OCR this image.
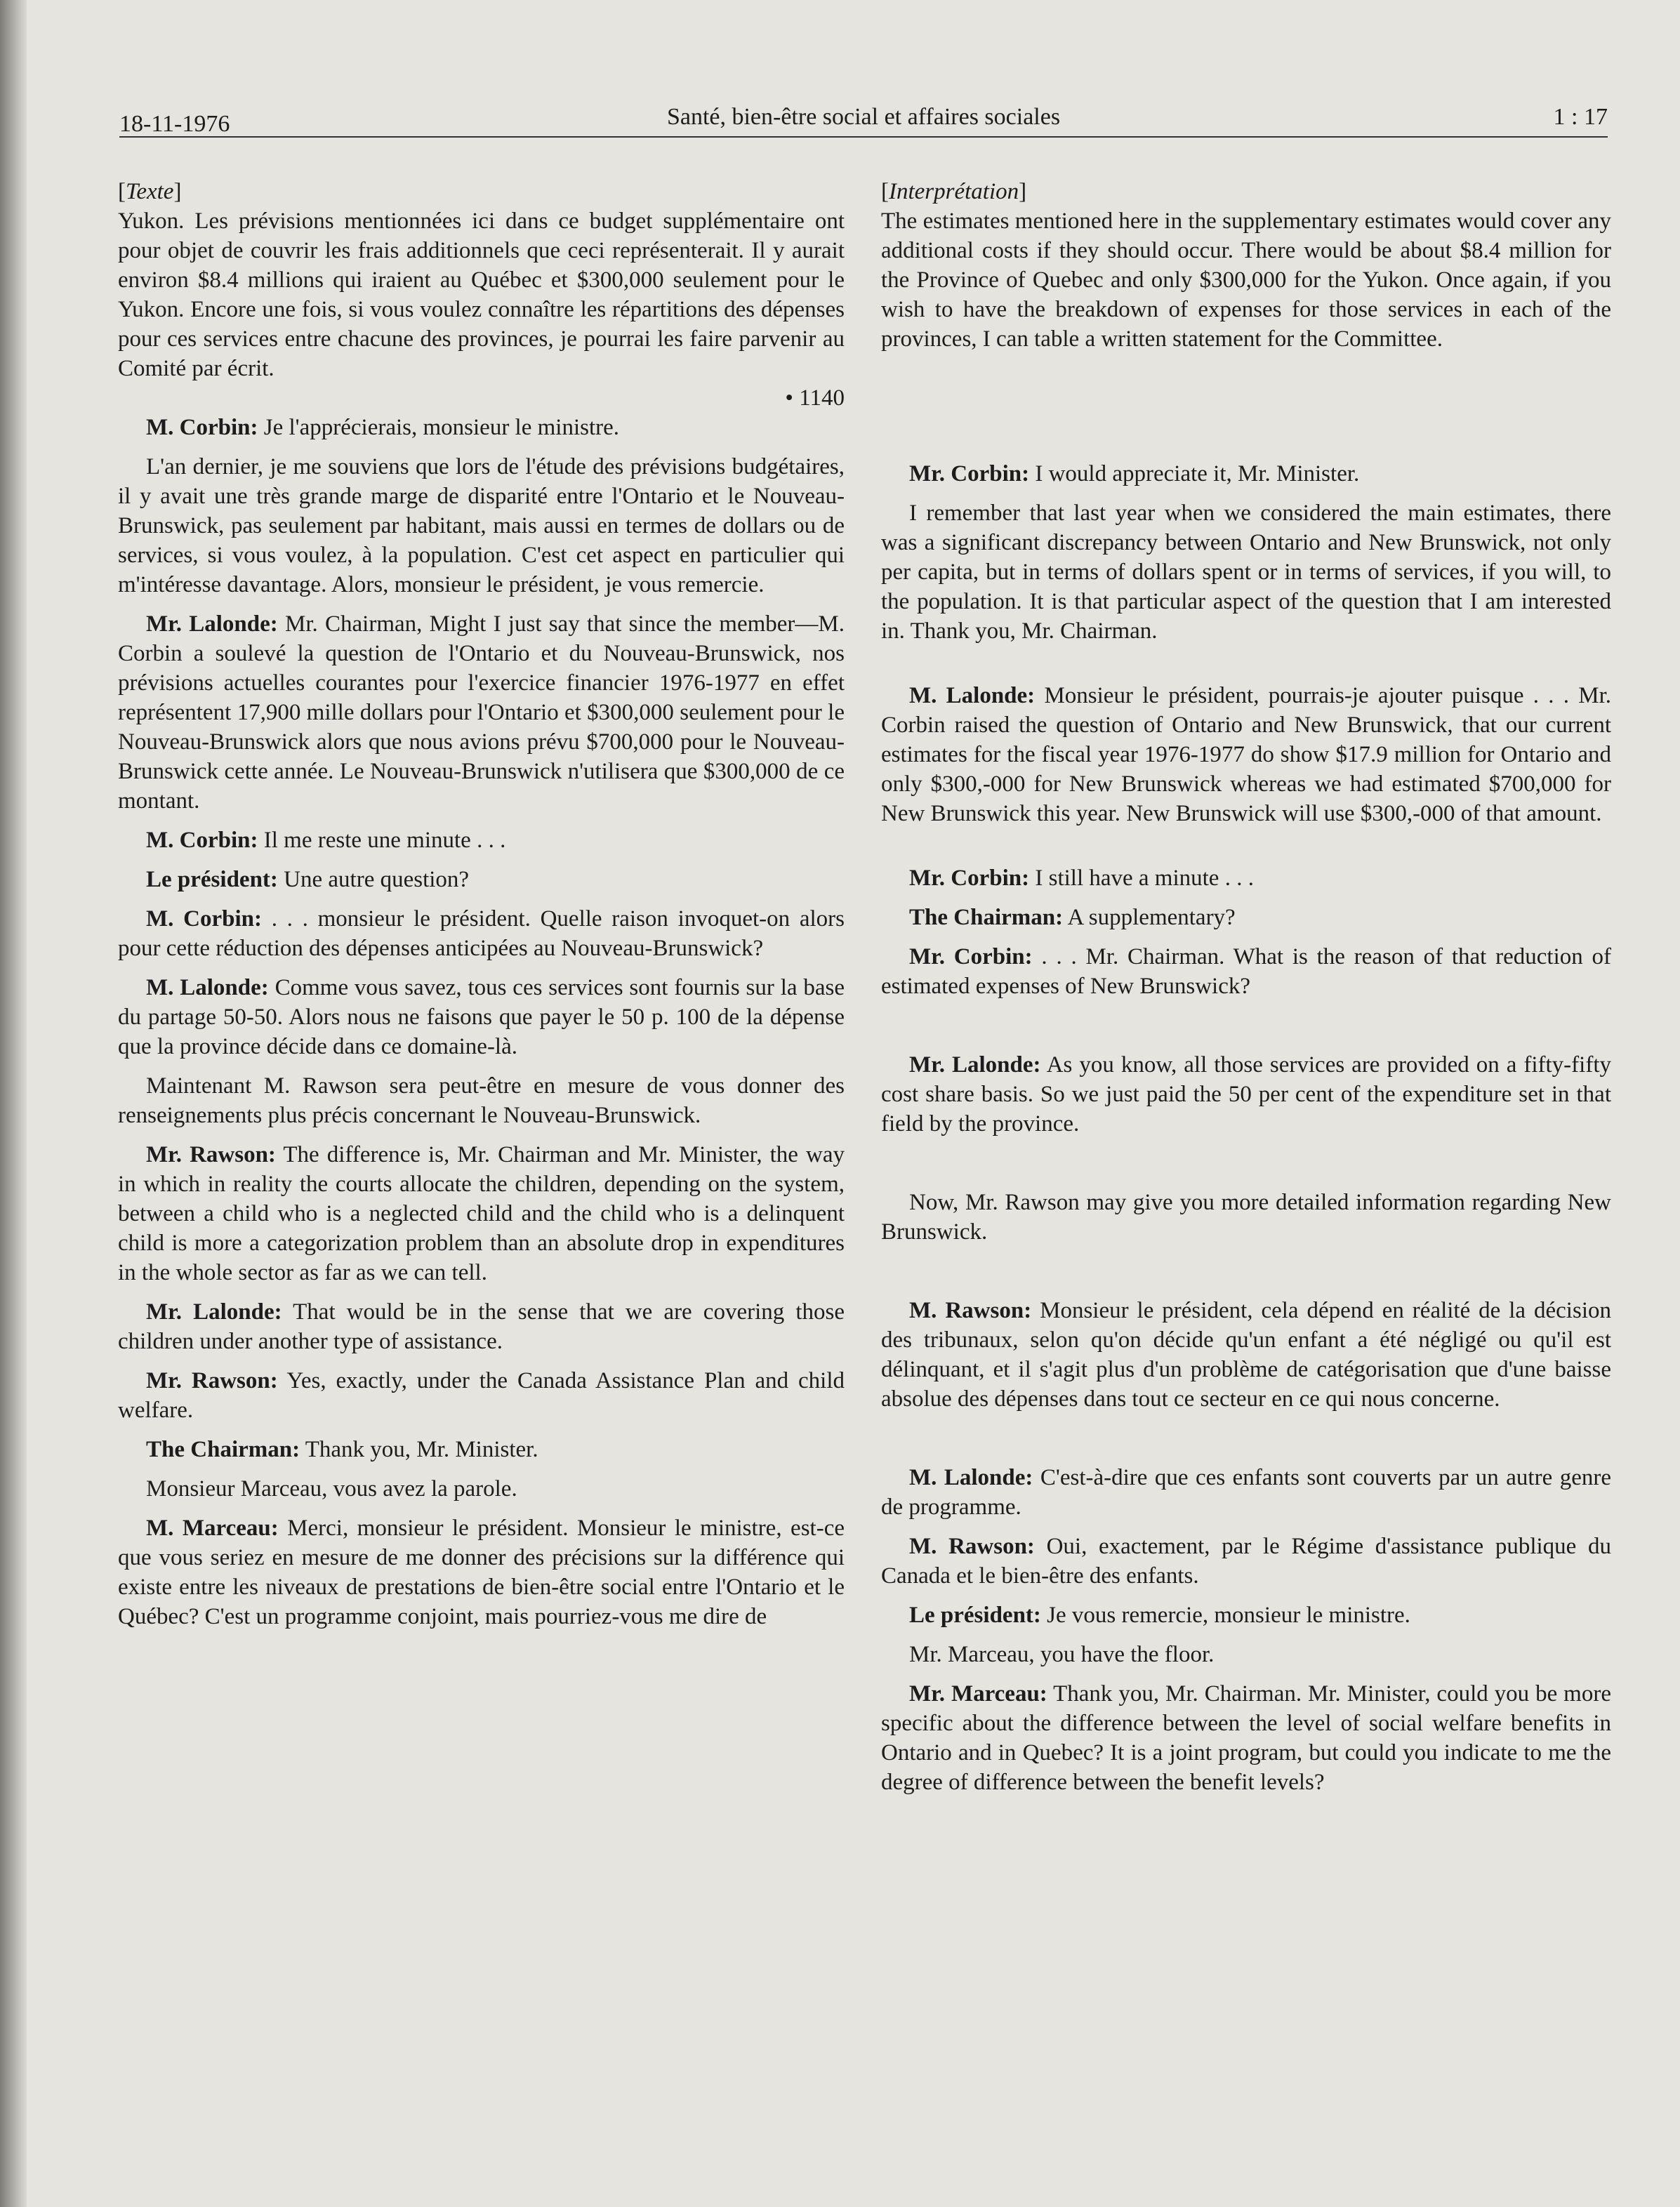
18-11-1976	Santé, bien-être social et affaires sociales	1 : 17

[Texte]

Yukon. Les prévisions mentionnées ici dans ce budget supplémentaire ont pour objet de couvrir les frais additionnels que ceci représenterait. Il y aurait environ $8.4 millions qui iraient au Québec et $300,000 seulement pour le Yukon. Encore une fois, si vous voulez connaître les répartitions des dépenses pour ces services entre chacune des provinces, je pourrai les faire parvenir au Comité par écrit.

• 1140

M. Corbin: Je l'apprécierais, monsieur le ministre.

L'an dernier, je me souviens que lors de l'étude des prévisions budgétaires, il y avait une très grande marge de disparité entre l'Ontario et le Nouveau-Brunswick, pas seulement par habitant, mais aussi en termes de dollars ou de services, si vous voulez, à la population. C'est cet aspect en particulier qui m'intéresse davantage. Alors, monsieur le président, je vous remercie.

Mr. Lalonde: Mr. Chairman, Might I just say that since the member—M. Corbin a soulevé la question de l'Ontario et du Nouveau-Brunswick, nos prévisions actuelles courantes pour l'exercice financier 1976-1977 en effet représentent 17,900 mille dollars pour l'Ontario et $300,000 seulement pour le Nouveau-Brunswick alors que nous avions prévu $700,000 pour le Nouveau-Brunswick cette année. Le Nouveau-Brunswick n'utilisera que $300,000 de ce montant.

M. Corbin: Il me reste une minute . . .

Le président: Une autre question?

M. Corbin: . . . monsieur le président. Quelle raison invoquet-on alors pour cette réduction des dépenses anticipées au Nouveau-Brunswick?

M. Lalonde: Comme vous savez, tous ces services sont fournis sur la base du partage 50-50. Alors nous ne faisons que payer le 50 p. 100 de la dépense que la province décide dans ce domaine-là.

Maintenant M. Rawson sera peut-être en mesure de vous donner des renseignements plus précis concernant le Nouveau-Brunswick.

Mr. Rawson: The difference is, Mr. Chairman and Mr. Minister, the way in which in reality the courts allocate the children, depending on the system, between a child who is a neglected child and the child who is a delinquent child is more a categorization problem than an absolute drop in expenditures in the whole sector as far as we can tell.

Mr. Lalonde: That would be in the sense that we are covering those children under another type of assistance.

Mr. Rawson: Yes, exactly, under the Canada Assistance Plan and child welfare.

The Chairman: Thank you, Mr. Minister.

Monsieur Marceau, vous avez la parole.

M. Marceau: Merci, monsieur le président. Monsieur le ministre, est-ce que vous seriez en mesure de me donner des précisions sur la différence qui existe entre les niveaux de prestations de bien-être social entre l'Ontario et le Québec? C'est un programme conjoint, mais pourriez-vous me dire de

[Interprétation]

The estimates mentioned here in the supplementary estimates would cover any additional costs if they should occur. There would be about $8.4 million for the Province of Quebec and only $300,000 for the Yukon. Once again, if you wish to have the breakdown of expenses for those services in each of the provinces, I can table a written statement for the Committee.

Mr. Corbin: I would appreciate it, Mr. Minister.

I remember that last year when we considered the main estimates, there was a significant discrepancy between Ontario and New Brunswick, not only per capita, but in terms of dollars spent or in terms of services, if you will, to the population. It is that particular aspect of the question that I am interested in. Thank you, Mr. Chairman.

M. Lalonde: Monsieur le président, pourrais-je ajouter puisque . . . Mr. Corbin raised the question of Ontario and New Brunswick, that our current estimates for the fiscal year 1976-1977 do show $17.9 million for Ontario and only $300,-000 for New Brunswick whereas we had estimated $700,000 for New Brunswick this year. New Brunswick will use $300,-000 of that amount.

Mr. Corbin: I still have a minute . . .

The Chairman: A supplementary?

Mr. Corbin: . . . Mr. Chairman. What is the reason of that reduction of estimated expenses of New Brunswick?

Mr. Lalonde: As you know, all those services are provided on a fifty-fifty cost share basis. So we just paid the 50 per cent of the expenditure set in that field by the province.

Now, Mr. Rawson may give you more detailed information regarding New Brunswick.

M. Rawson: Monsieur le président, cela dépend en réalité de la décision des tribunaux, selon qu'on décide qu'un enfant a été négligé ou qu'il est délinquant, et il s'agit plus d'un problème de catégorisation que d'une baisse absolue des dépenses dans tout ce secteur en ce qui nous concerne.

M. Lalonde: C'est-à-dire que ces enfants sont couverts par un autre genre de programme.

M. Rawson: Oui, exactement, par le Régime d'assistance publique du Canada et le bien-être des enfants.

Le président: Je vous remercie, monsieur le ministre.

Mr. Marceau, you have the floor.

Mr. Marceau: Thank you, Mr. Chairman. Mr. Minister, could you be more specific about the difference between the level of social welfare benefits in Ontario and in Quebec? It is a joint program, but could you indicate to me the degree of difference between the benefit levels?
